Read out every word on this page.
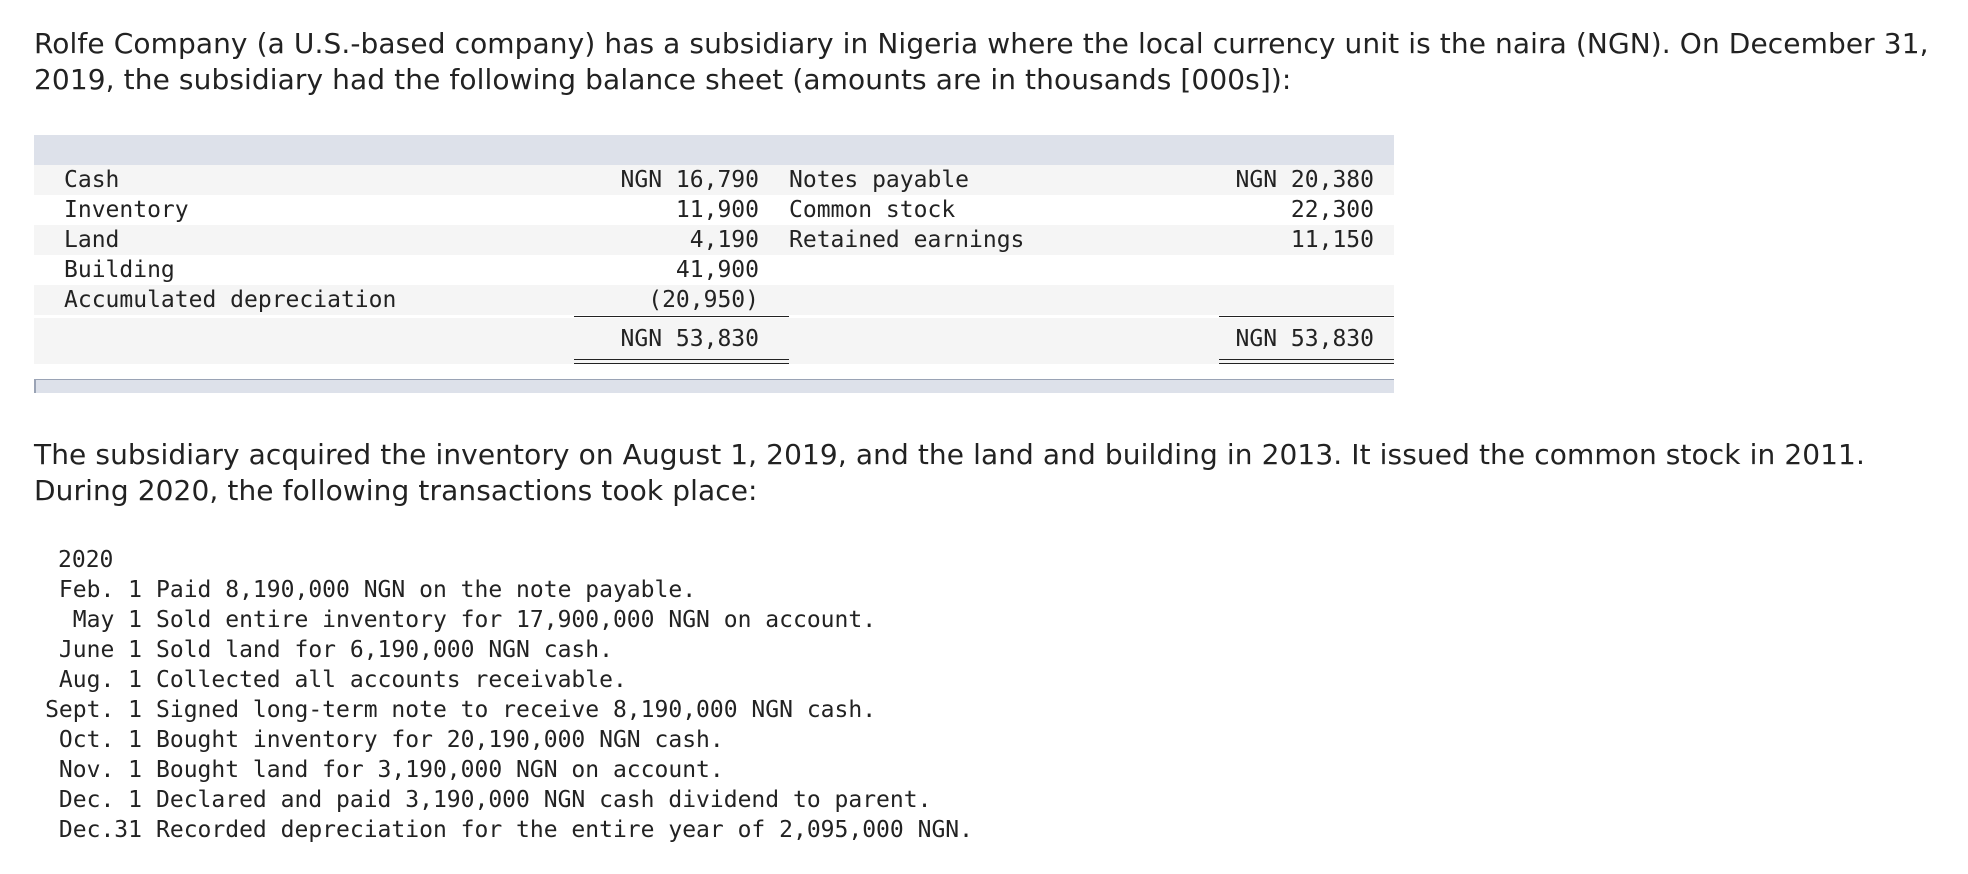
Rolfe Company (a U.S.-based company) has a subsidiary in Nigeria where the local currency unit is the naira (NGN). On December 31, 2019, the subsidiary had the following balance sheet (amounts are in thousands [000s]):

Cash	NGN 16,790 Notes payable	NGN 20,380
Inventory	11,900 Common stock	22,300
Land	4,190 Retained earnings	11,150
Building	41,900
Accumulated depreciation	(20,950)
NGN 53,830	NGN 53,830

The subsidiary acquired the inventory on August 1, 2019, and the land and building in 2013. It issued the common stock in 2011. During 2020, the following transactions took place:

2020
Feb. 1 Paid 8,190,000 NGN on the note payable.
May 1 Sold entire inventory for 17,900,000 NGN on account.
June 1 Sold land for 6,190,000 NGN cash.
Aug. 1 Collected all accounts receivable.
Sept. 1 Signed long-term note to receive 8,190,000 NGN cash.
Oct. 1 Bought inventory for 20,190,000 NGN cash.
Nov. 1 Bought land for 3,190,000 NGN on account.
Dec. 1 Declared and paid 3,190,000 NGN cash dividend to parent.
Dec.31 Recorded depreciation for the entire year of 2,095,000 NGN.
